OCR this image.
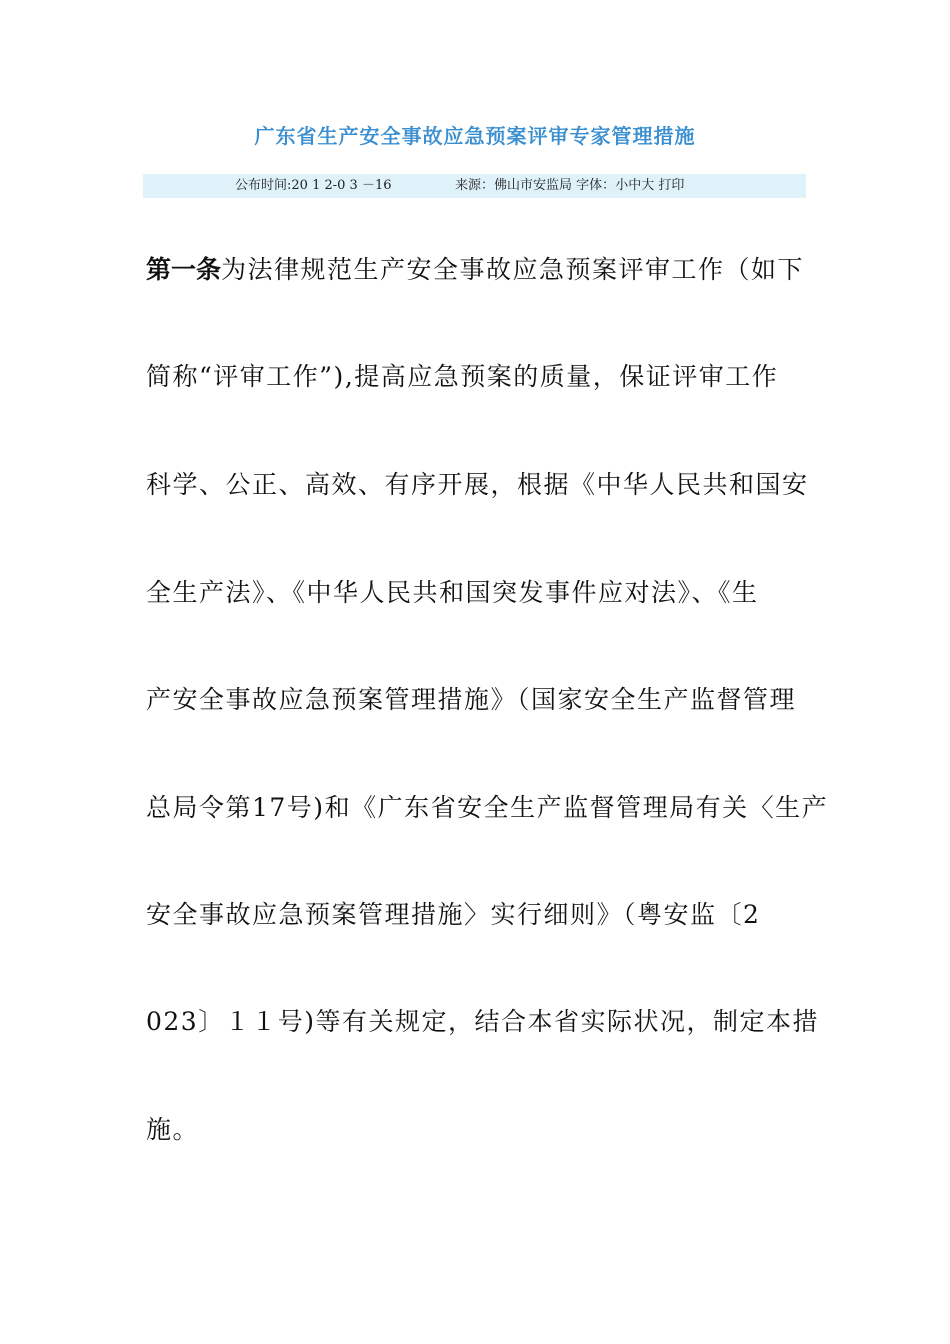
广东省生产安全事故应急预案评审专家管理措施
公布时间:20 1 2-0 3 －16	来源：佛山市安监局 字体：小中大 打印
第一条为法律规范生产安全事故应急预案评审工作（如下
简称“评审工作”),提高应急预案的质量，保证评审工作
科学、公正、高效、有序开展，根据《中华人民共和国安
全生产法》、《中华人民共和国突发事件应对法》、《生
产安全事故应急预案管理措施》（国家安全生产监督管理
总局令第17号)和《广东省安全生产监督管理局有关〈生产
安全事故应急预案管理措施〉实行细则》（粤安监〔2
023〕１１号)等有关规定，结合本省实际状况，制定本措
施。
